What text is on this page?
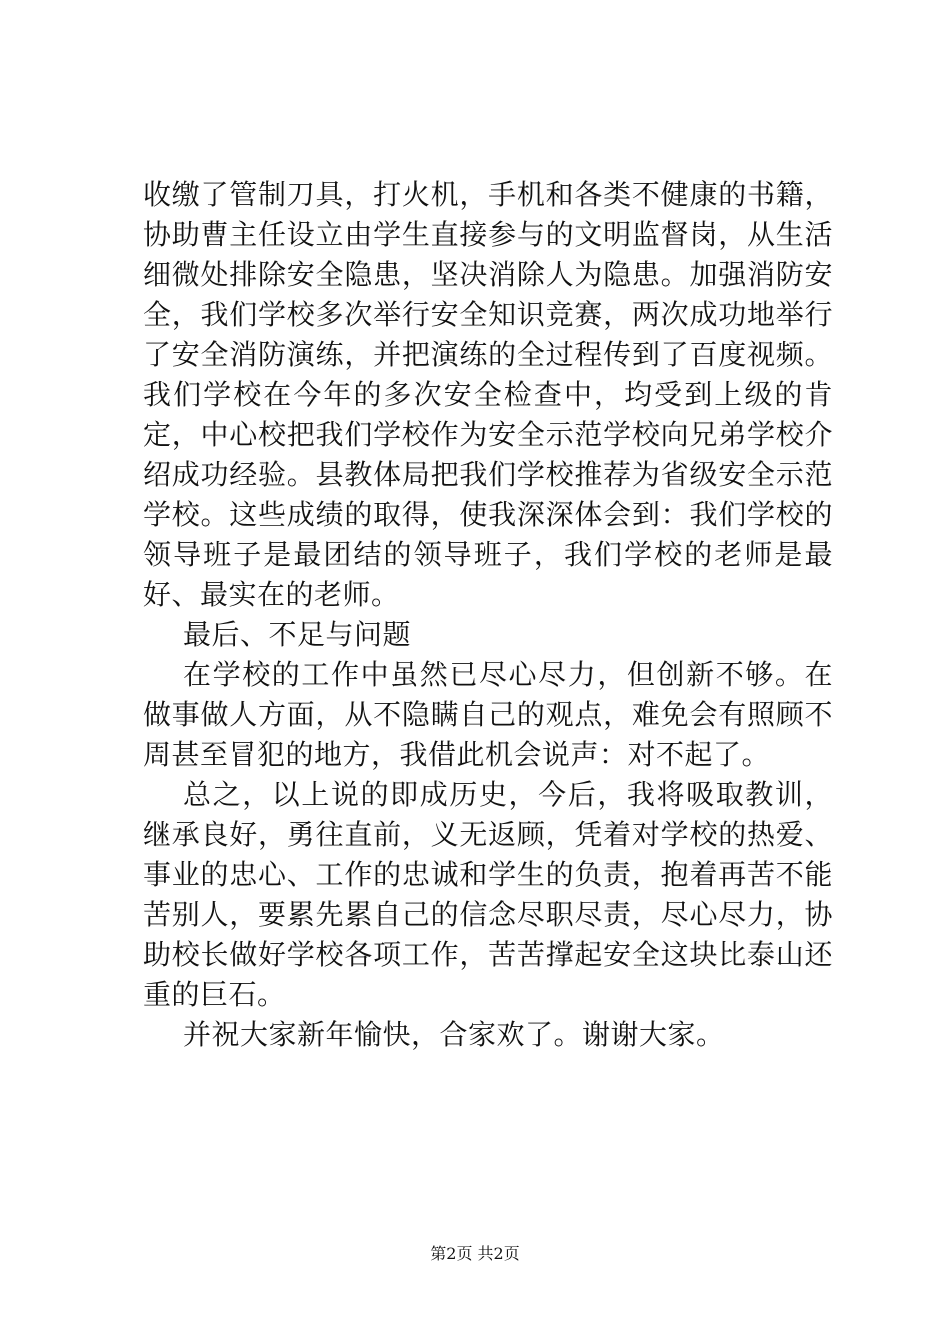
收缴了管制刀具，打火机，手机和各类不健康的书籍，协助曹主任设立由学生直接参与的文明监督岗，从生活细微处排除安全隐患，坚决消除人为隐患。加强消防安全，我们学校多次举行安全知识竞赛，两次成功地举行了安全消防演练，并把演练的全过程传到了百度视频。我们学校在今年的多次安全检查中，均受到上级的肯定，中心校把我们学校作为安全示范学校向兄弟学校介绍成功经验。县教体局把我们学校推荐为省级安全示范学校。这些成绩的取得，使我深深体会到：我们学校的领导班子是最团结的领导班子，我们学校的老师是最好、最实在的老师。

最后、不足与问题

在学校的工作中虽然已尽心尽力，但创新不够。在做事做人方面，从不隐瞒自己的观点，难免会有照顾不周甚至冒犯的地方，我借此机会说声：对不起了。

总之，以上说的即成历史，今后，我将吸取教训，继承良好，勇往直前，义无返顾，凭着对学校的热爱、事业的忠心、工作的忠诚和学生的负责，抱着再苦不能苦别人，要累先累自己的信念尽职尽责，尽心尽力，协助校长做好学校各项工作，苦苦撑起安全这块比泰山还重的巨石。

并祝大家新年愉快，合家欢了。谢谢大家。

第2页 共2页
